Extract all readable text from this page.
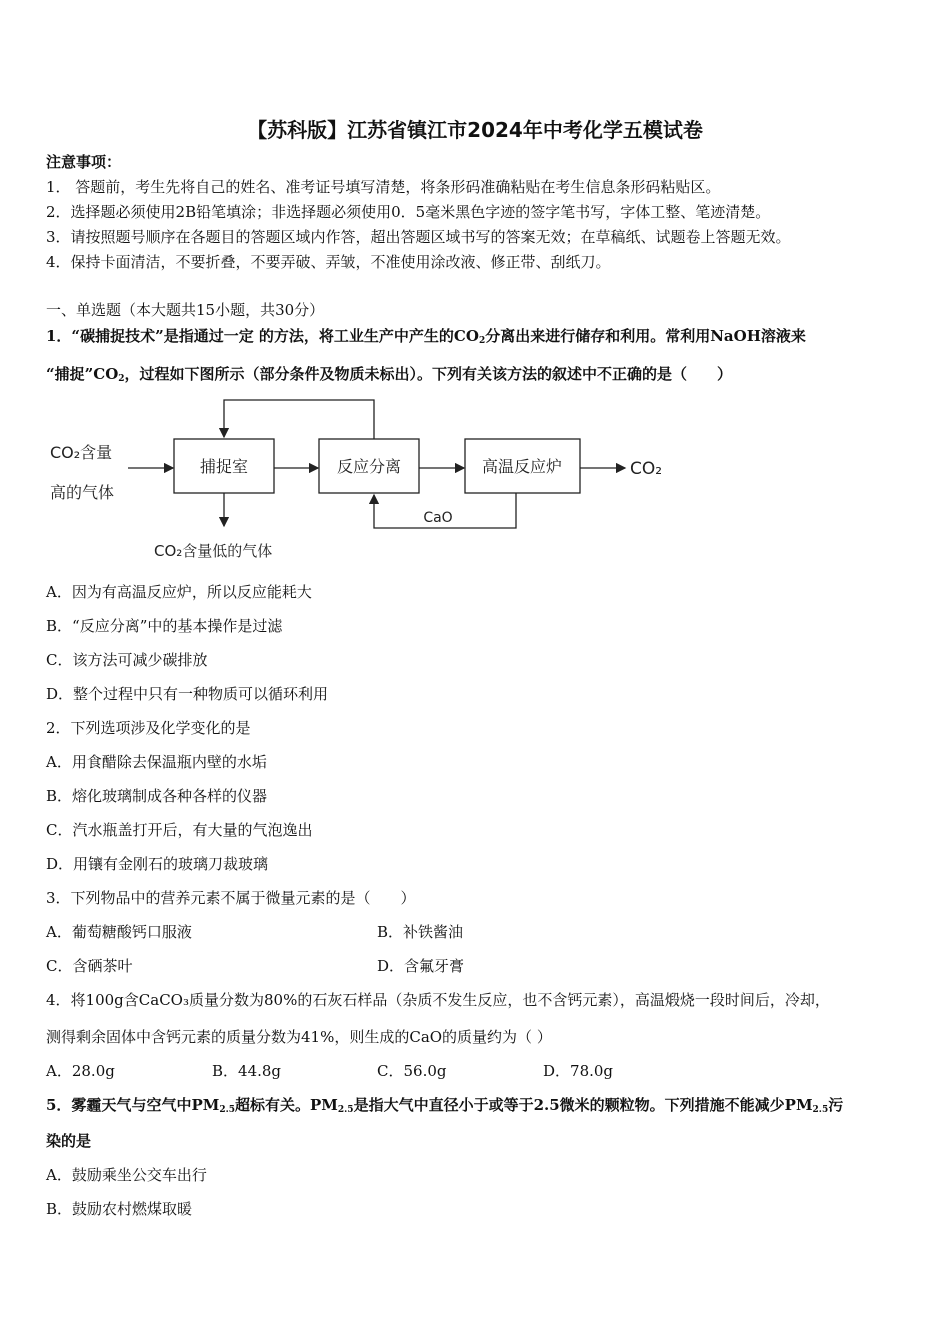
【苏科版】江苏省镇江市2024年中考化学五模试卷
注意事项：
1． 答题前，考生先将自己的姓名、准考证号填写清楚，将条形码准确粘贴在考生信息条形码粘贴区。
2．选择题必须使用2B铅笔填涂；非选择题必须使用0．5毫米黑色字迹的签字笔书写，字体工整、笔迹清楚。
3．请按照题号顺序在各题目的答题区域内作答，超出答题区域书写的答案无效；在草稿纸、试题卷上答题无效。
4．保持卡面清洁，不要折叠，不要弄破、弄皱，不准使用涂改液、修正带、刮纸刀。
一、单选题（本大题共15小题，共30分）
1．“碳捕捉技术”是指通过一定 的方法，将工业生产中产生的$CO_2$分离出来进行储存和利用。常利用NaOH溶液来
“捕捉$”CO_2$，过程如下图所示（部分条件及物质未标出）。下列有关该方法的叙述中不正确的是（　　）
CO₂含量
高的气体
捕捉室	反应分离	高温反应炉	CO₂
CaO
CO₂含量低的气体
A．因为有高温反应炉，所以反应能耗大
B．“反应分离”中的基本操作是过滤
C．该方法可减少碳排放
D．整个过程中只有一种物质可以循环利用
2．下列选项涉及化学变化的是
A．用食醋除去保温瓶内壁的水垢
B．熔化玻璃制成各种各样的仪器
C．汽水瓶盖打开后，有大量的气泡逸出
D．用镶有金刚石的玻璃刀裁玻璃
3．下列物品中的营养元素不属于微量元素的是（　　）
A．葡萄糖酸钙口服液	B．补铁酱油
C．含硒茶叶	D．含氟牙膏
4．将100g含CaCO₃质量分数为80%的石灰石样品（杂质不发生反应，也不含钙元素），高温煅烧一段时间后，冷却，
测得剩余固体中含钙元素的质量分数为41%，则生成的CaO的质量约为（ ）
A．28.0g	B．44.8g	C．56.0g	D．78.0g
5．雾霾天气与空气中$PM_{2.5}$超标有关。$PM_{2.5}$是指大气中直径小于或等于2.5微米的颗粒物。下列措施不能减少$PM_{2.5}$污
染的是
A．鼓励乘坐公交车出行
B．鼓励农村燃煤取暖
